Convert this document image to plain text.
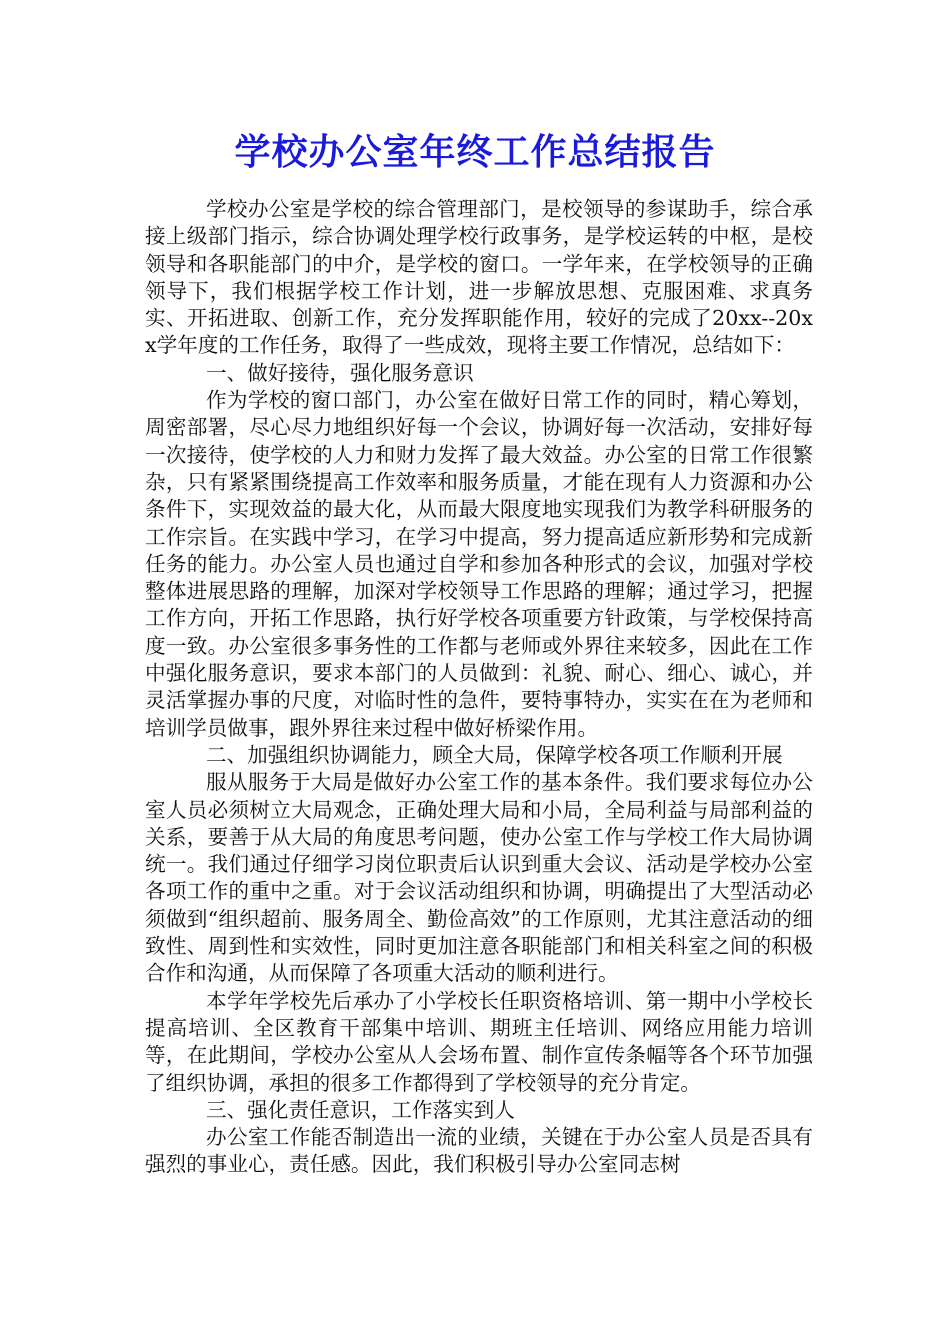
学校办公室年终工作总结报告

学校办公室是学校的综合管理部门，是校领导的参谋助手，综合承接上级部门指示，综合协调处理学校行政事务，是学校运转的中枢，是校领导和各职能部门的中介，是学校的窗口。一学年来，在学校领导的正确领导下，我们根据学校工作计划，进一步解放思想、克服困难、求真务实、开拓进取、创新工作，充分发挥职能作用，较好的完成了20xx--20xx学年度的工作任务，取得了一些成效，现将主要工作情况，总结如下：

一、做好接待，强化服务意识

作为学校的窗口部门，办公室在做好日常工作的同时，精心筹划，周密部署，尽心尽力地组织好每一个会议，协调好每一次活动，安排好每一次接待，使学校的人力和财力发挥了最大效益。办公室的日常工作很繁杂，只有紧紧围绕提高工作效率和服务质量，才能在现有人力资源和办公条件下，实现效益的最大化，从而最大限度地实现我们为教学科研服务的工作宗旨。在实践中学习，在学习中提高，努力提高适应新形势和完成新任务的能力。办公室人员也通过自学和参加各种形式的会议，加强对学校整体进展思路的理解，加深对学校领导工作思路的理解；通过学习，把握工作方向，开拓工作思路，执行好学校各项重要方针政策，与学校保持高度一致。办公室很多事务性的工作都与老师或外界往来较多，因此在工作中强化服务意识，要求本部门的人员做到：礼貌、耐心、细心、诚心，并灵活掌握办事的尺度，对临时性的急件，要特事特办，实实在在为老师和培训学员做事，跟外界往来过程中做好桥梁作用。

二、加强组织协调能力，顾全大局，保障学校各项工作顺利开展

服从服务于大局是做好办公室工作的基本条件。我们要求每位办公室人员必须树立大局观念，正确处理大局和小局，全局利益与局部利益的关系，要善于从大局的角度思考问题，使办公室工作与学校工作大局协调统一。我们通过仔细学习岗位职责后认识到重大会议、活动是学校办公室各项工作的重中之重。对于会议活动组织和协调，明确提出了大型活动必须做到“组织超前、服务周全、勤俭高效”的工作原则，尤其注意活动的细致性、周到性和实效性，同时更加注意各职能部门和相关科室之间的积极合作和沟通，从而保障了各项重大活动的顺利进行。

本学年学校先后承办了小学校长任职资格培训、第一期中小学校长提高培训、全区教育干部集中培训、期班主任培训、网络应用能力培训等，在此期间，学校办公室从人会场布置、制作宣传条幅等各个环节加强了组织协调，承担的很多工作都得到了学校领导的充分肯定。

三、强化责任意识，工作落实到人

办公室工作能否制造出一流的业绩，关键在于办公室人员是否具有强烈的事业心，责任感。因此，我们积极引导办公室同志树
